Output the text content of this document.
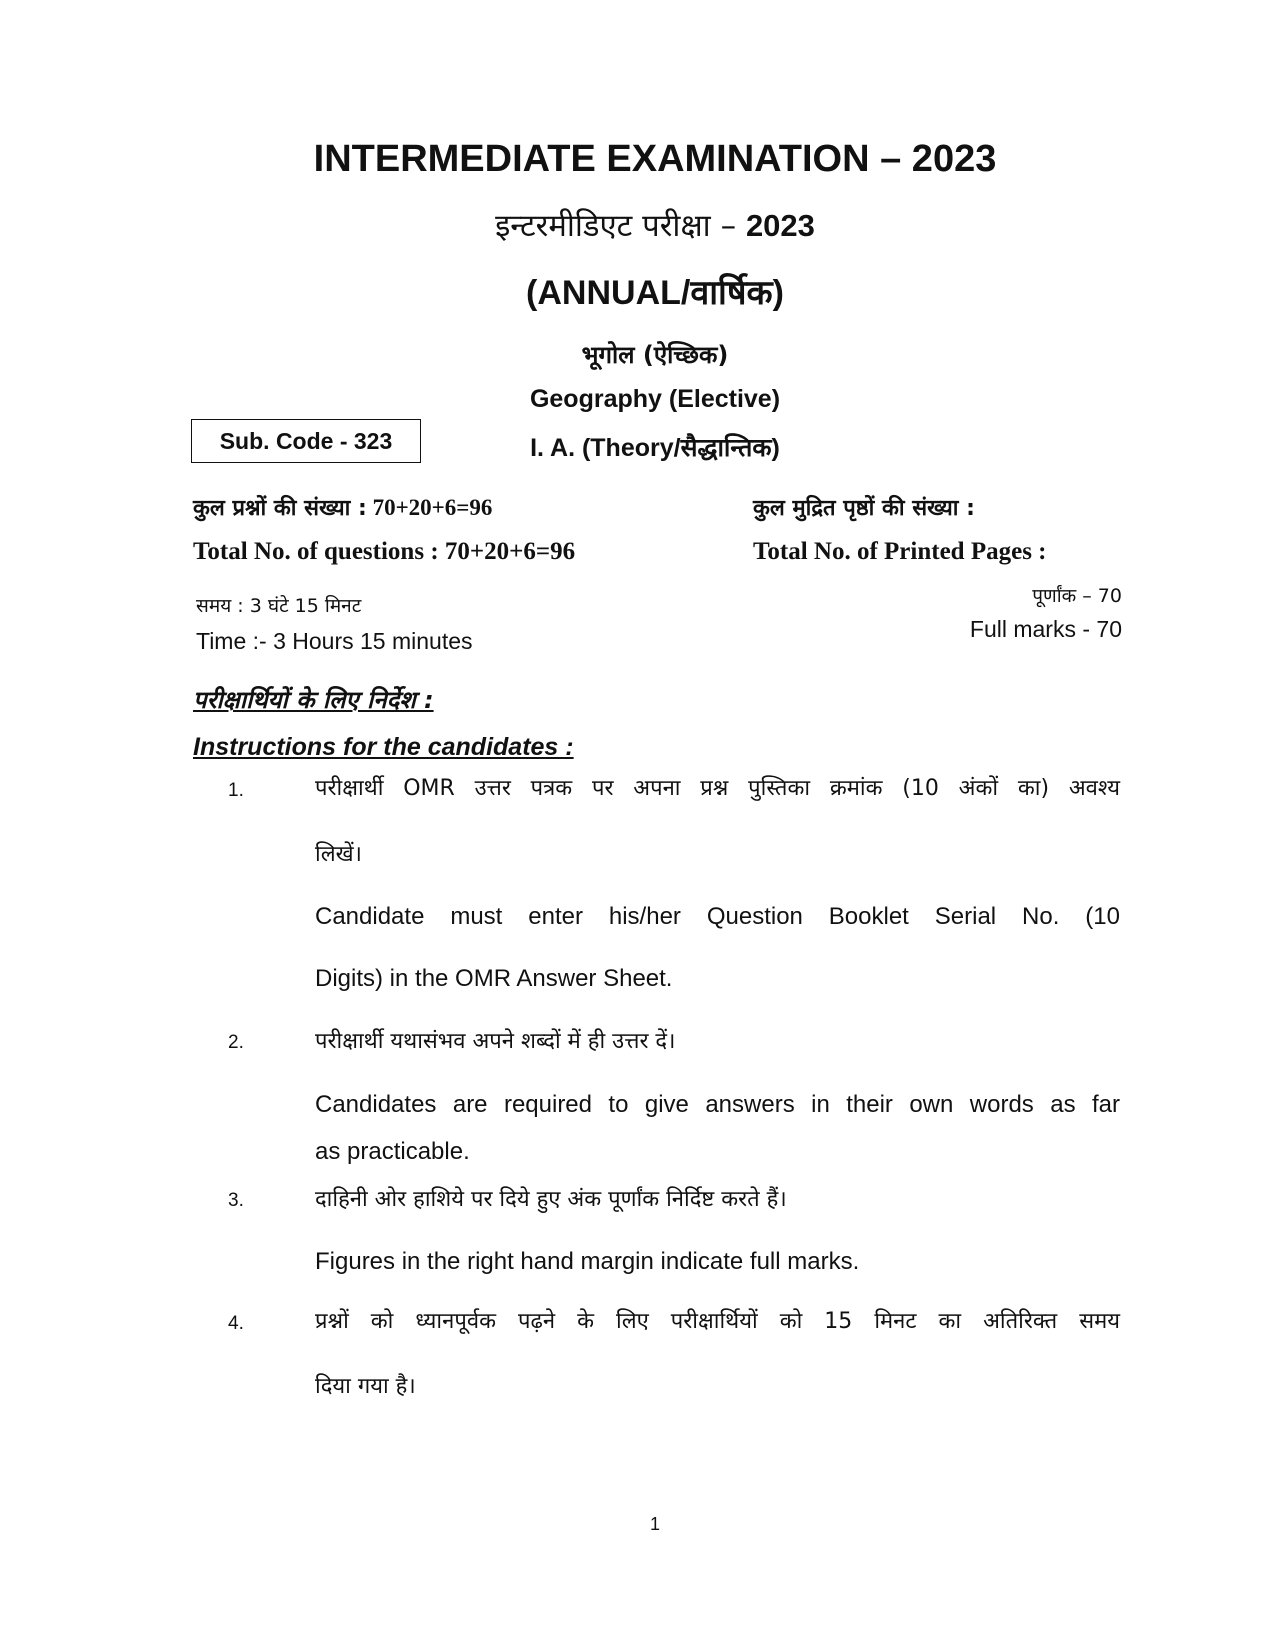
INTERMEDIATE EXAMINATION – 2023
इन्टरमीडिएट परीक्षा – 2023
(ANNUAL/वार्षिक)
भूगोल (ऐच्छिक)
Geography (Elective)
Sub. Code - 323	I. A. (Theory/सैद्धान्तिक)
कुल प्रश्नों की संख्या : 70+20+6=96
Total No. of questions : 70+20+6=96
कुल मुद्रित पृष्ठों की संख्या :
Total No. of Printed Pages :
समय : 3 घंटे 15 मिनट
Time :- 3 Hours 15 minutes
पूर्णांक – 70
Full marks - 70
परीक्षार्थियों के लिए निर्देश :
Instructions for the candidates :
1.	परीक्षार्थी OMR उत्तर पत्रक पर अपना प्रश्न पुस्तिका क्रमांक (10 अंकों का) अवश्य
लिखें।
Candidate must enter his/her Question Booklet Serial No. (10
Digits) in the OMR Answer Sheet.
2.	परीक्षार्थी यथासंभव अपने शब्दों में ही उत्तर दें।
Candidates are required to give answers in their own words as far
as practicable.
3.	दाहिनी ओर हाशिये पर दिये हुए अंक पूर्णांक निर्दिष्ट करते हैं।
Figures in the right hand margin indicate full marks.
4.	प्रश्नों को ध्यानपूर्वक पढ़ने के लिए परीक्षार्थियों को 15 मिनट का अतिरिक्त समय
दिया गया है।
1
